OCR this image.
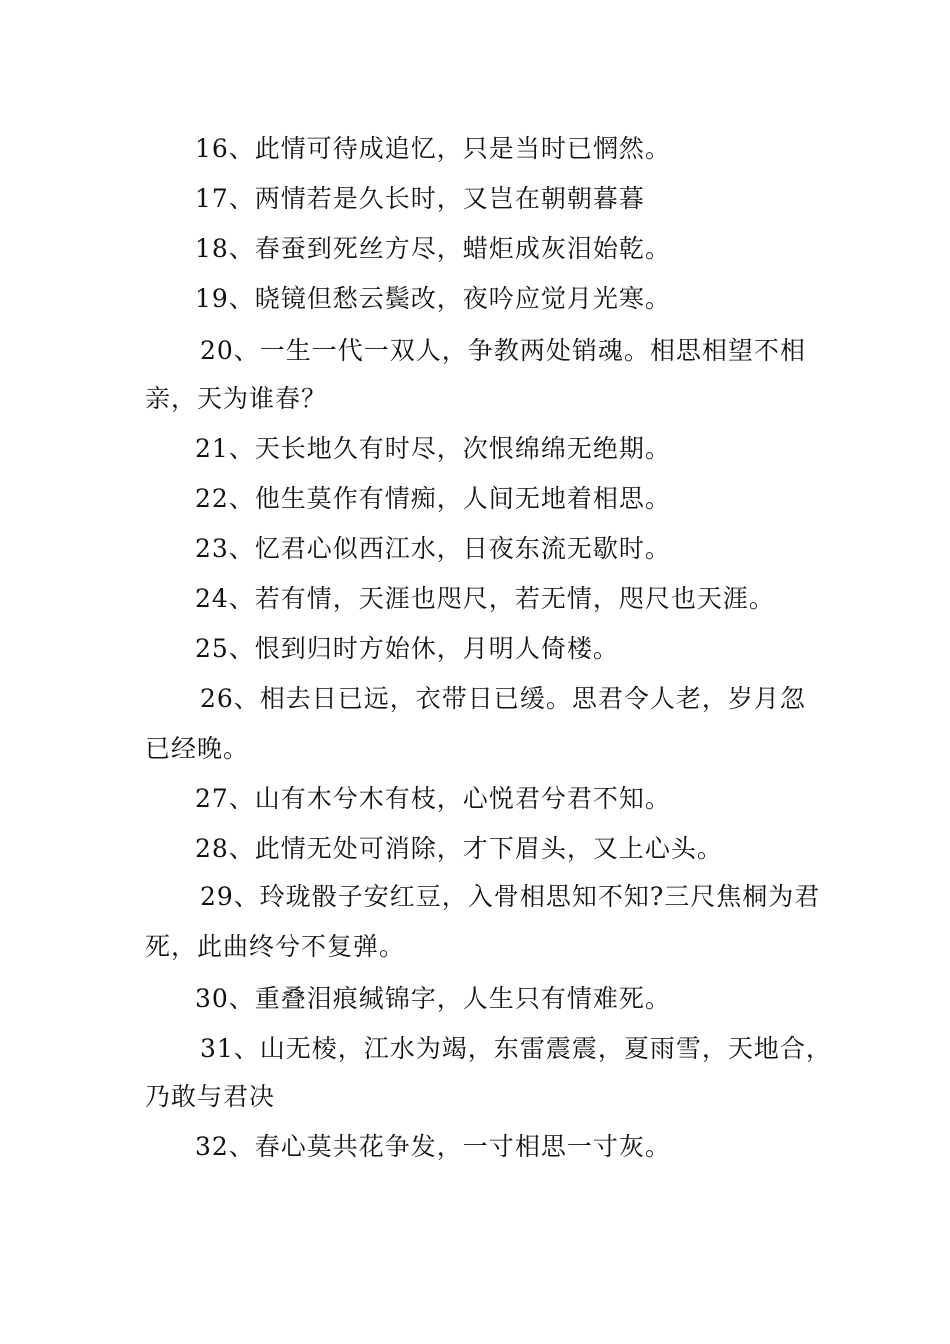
16、此情可待成追忆，只是当时已惘然。
17、两情若是久长时，又岂在朝朝暮暮
18、春蚕到死丝方尽，蜡炬成灰泪始乾。
19、晓镜但愁云鬓改，夜吟应觉月光寒。
20、一生一代一双人，争教两处销魂。相思相望不相
亲，天为谁春？
21、天长地久有时尽，次恨绵绵无绝期。
22、他生莫作有情痴，人间无地着相思。
23、忆君心似西江水，日夜东流无歇时。
24、若有情，天涯也咫尺，若无情，咫尺也天涯。
25、恨到归时方始休，月明人倚楼。
26、相去日已远，衣带日已缓。思君令人老，岁月忽
已经晚。
27、山有木兮木有枝，心悦君兮君不知。
28、此情无处可消除，才下眉头，又上心头。
29、玲珑骰子安红豆，入骨相思知不知?三尺焦桐为君
死，此曲终兮不复弹。
30、重叠泪痕缄锦字，人生只有情难死。
31、山无棱，江水为竭，东雷震震，夏雨雪，天地合，
乃敢与君决
32、春心莫共花争发，一寸相思一寸灰。
